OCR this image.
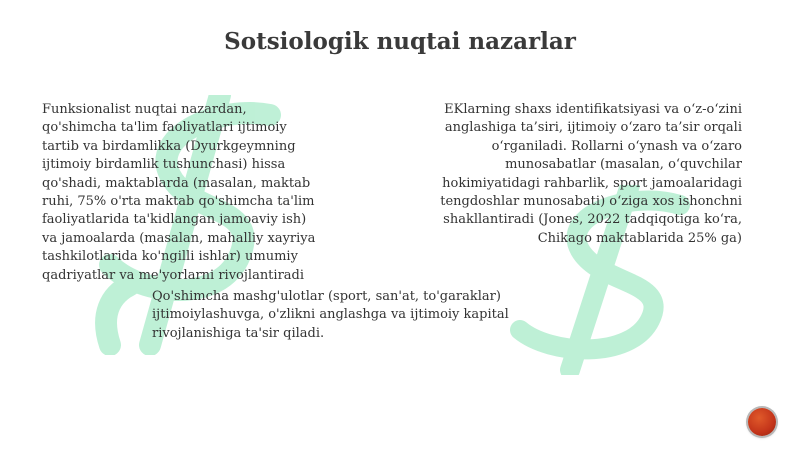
Sotsiologik nuqtai nazarlar
Funksionalist nuqtai nazardan,
qo'shimcha ta'lim faoliyatlari ijtimoiy
tartib va birdamlikka (Dyurkgeymning
ijtimoiy birdamlik tushunchasi) hissa
qo'shadi, maktablarda (masalan, maktab
ruhi, 75% o'rta maktab qo'shimcha ta'lim
faoliyatlarida ta'kidlangan jamoaviy ish)
va jamoalarda (masalan, mahalliy xayriya
tashkilotlarida ko'ngilli ishlar) umumiy
qadriyatlar va me'yorlarni rivojlantiradi
EKlarning shaxs identifikatsiyasi va o‘z-o‘zini
anglashiga ta’siri, ijtimoiy o‘zaro ta’sir orqali
o‘rganiladi. Rollarni o‘ynash va o‘zaro
munosabatlar (masalan, o‘quvchilar
hokimiyatidagi rahbarlik, sport jamoalaridagi
tengdoshlar munosabati) o‘ziga xos ishonchni
shakllantiradi (Jones, 2022 tadqiqotiga ko‘ra,
Chikago maktablarida 25% ga)
Qo'shimcha mashg'ulotlar (sport, san'at, to'garaklar)
ijtimoiylashuvga, o'zlikni anglashga va ijtimoiy kapital
rivojlanishiga ta'sir qiladi.
